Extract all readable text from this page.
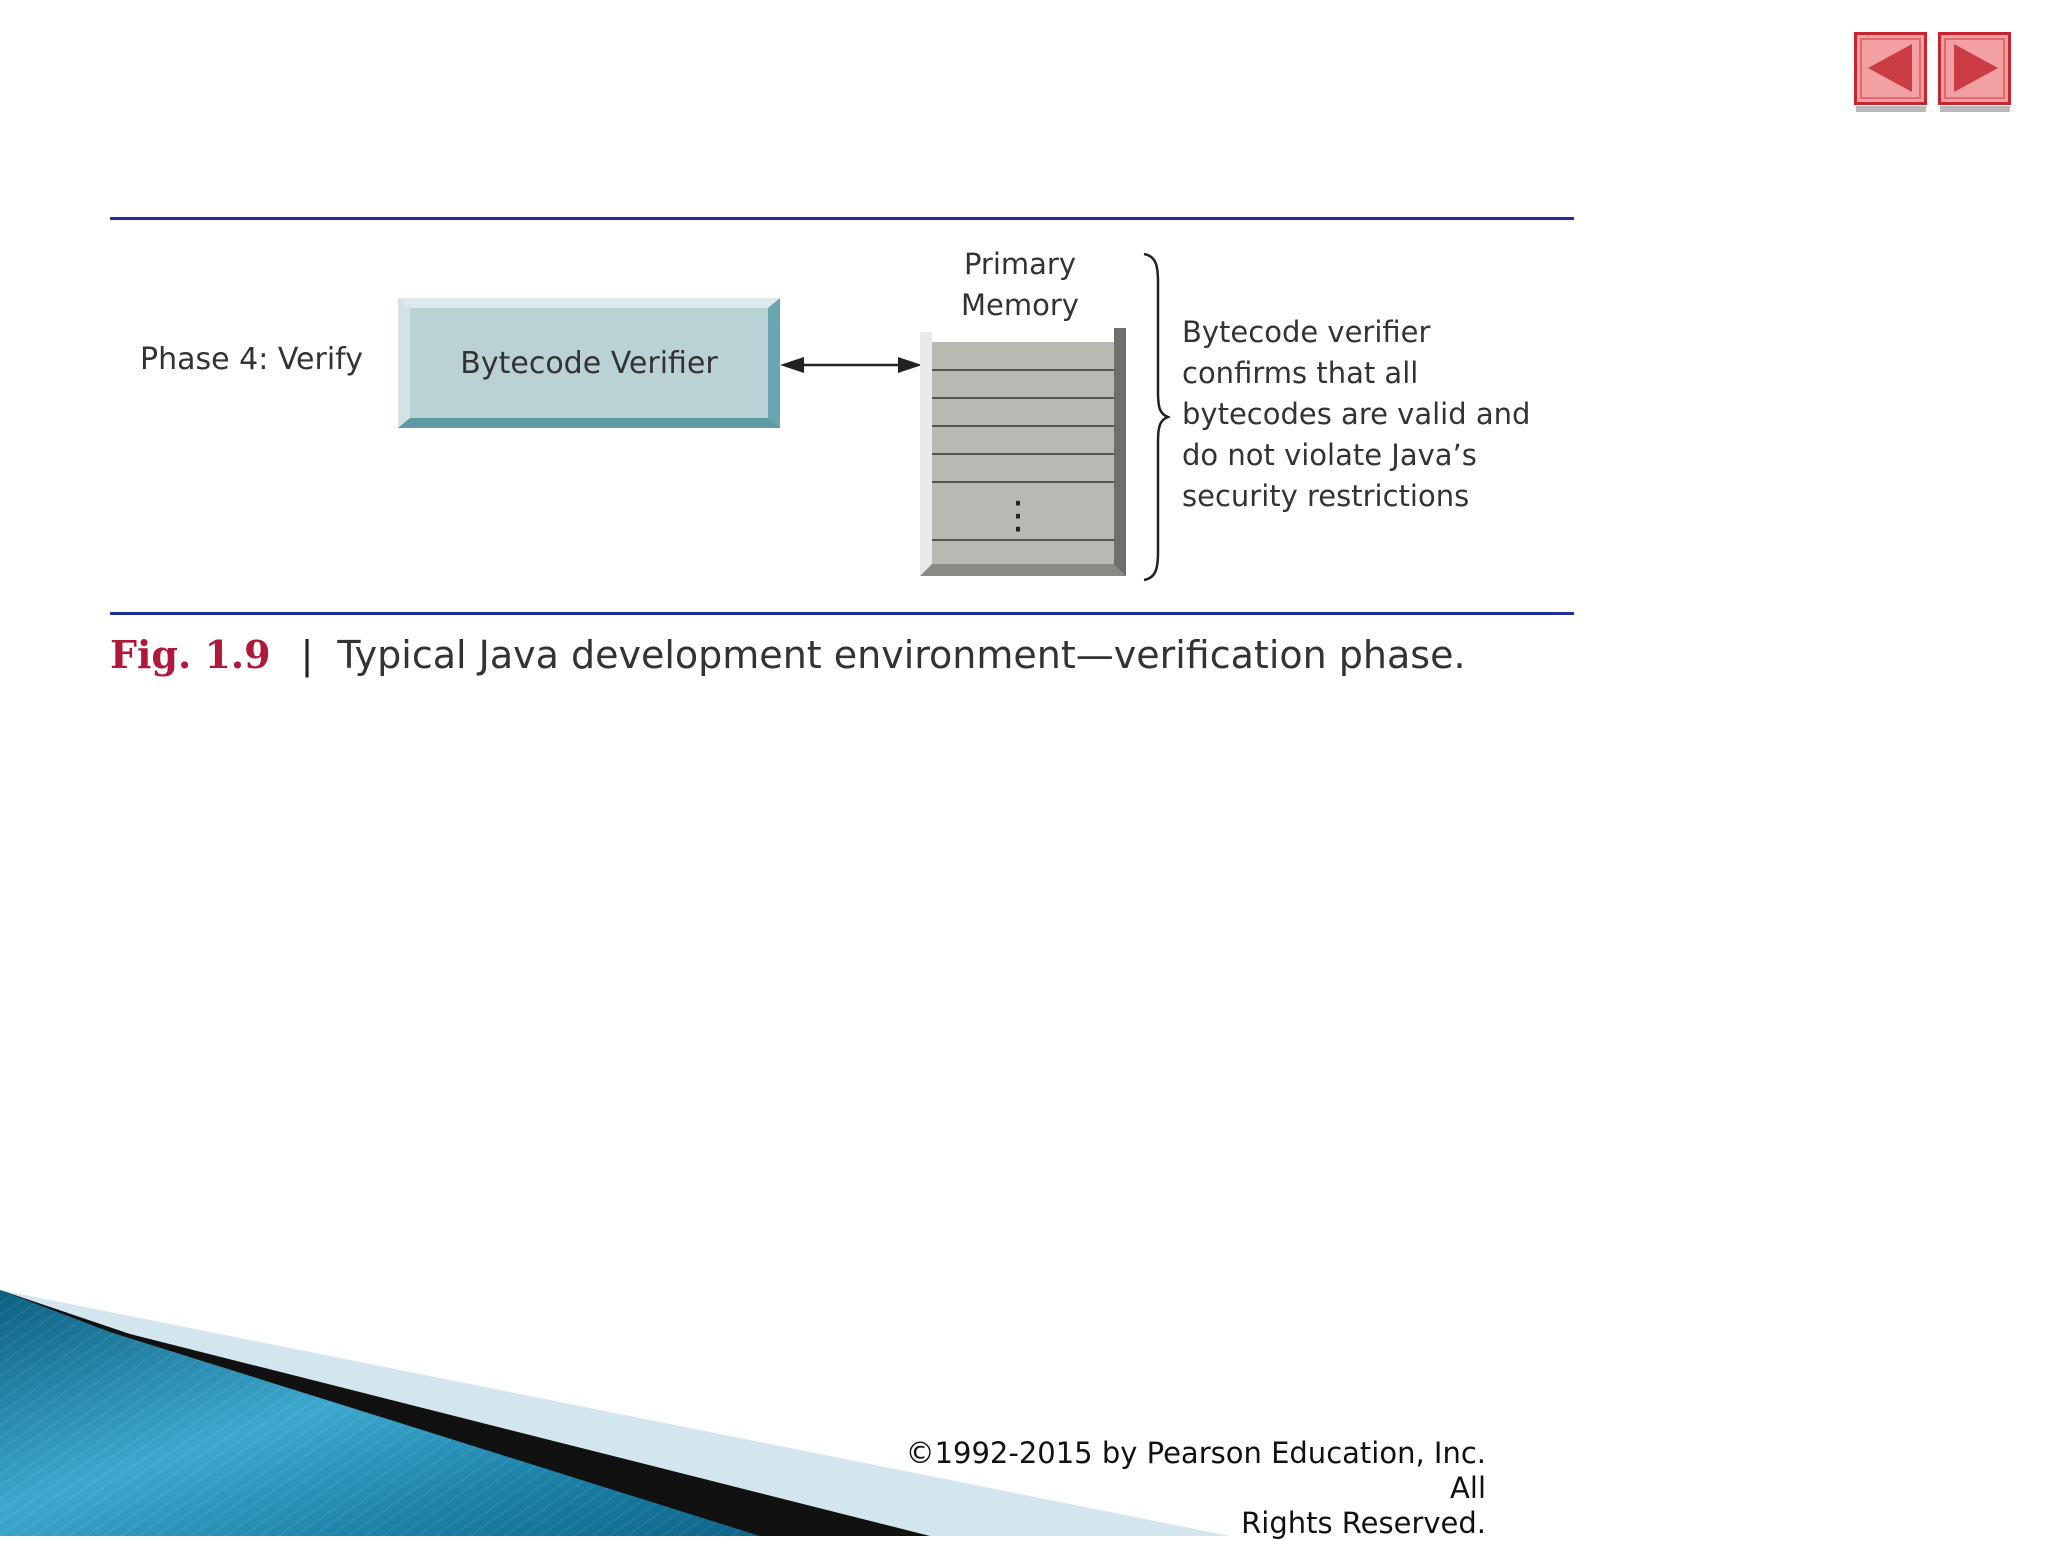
Phase 4: Verify	Bytecode Verifier
Primary
Memory
⋮
Bytecode verifier
confirms that all
bytecodes are valid and
do not violate Java’s
security restrictions
Fig. 1.9 | Typical Java development environment—verification phase.
©1992-2015 by Pearson Education, Inc. All
Rights Reserved.
